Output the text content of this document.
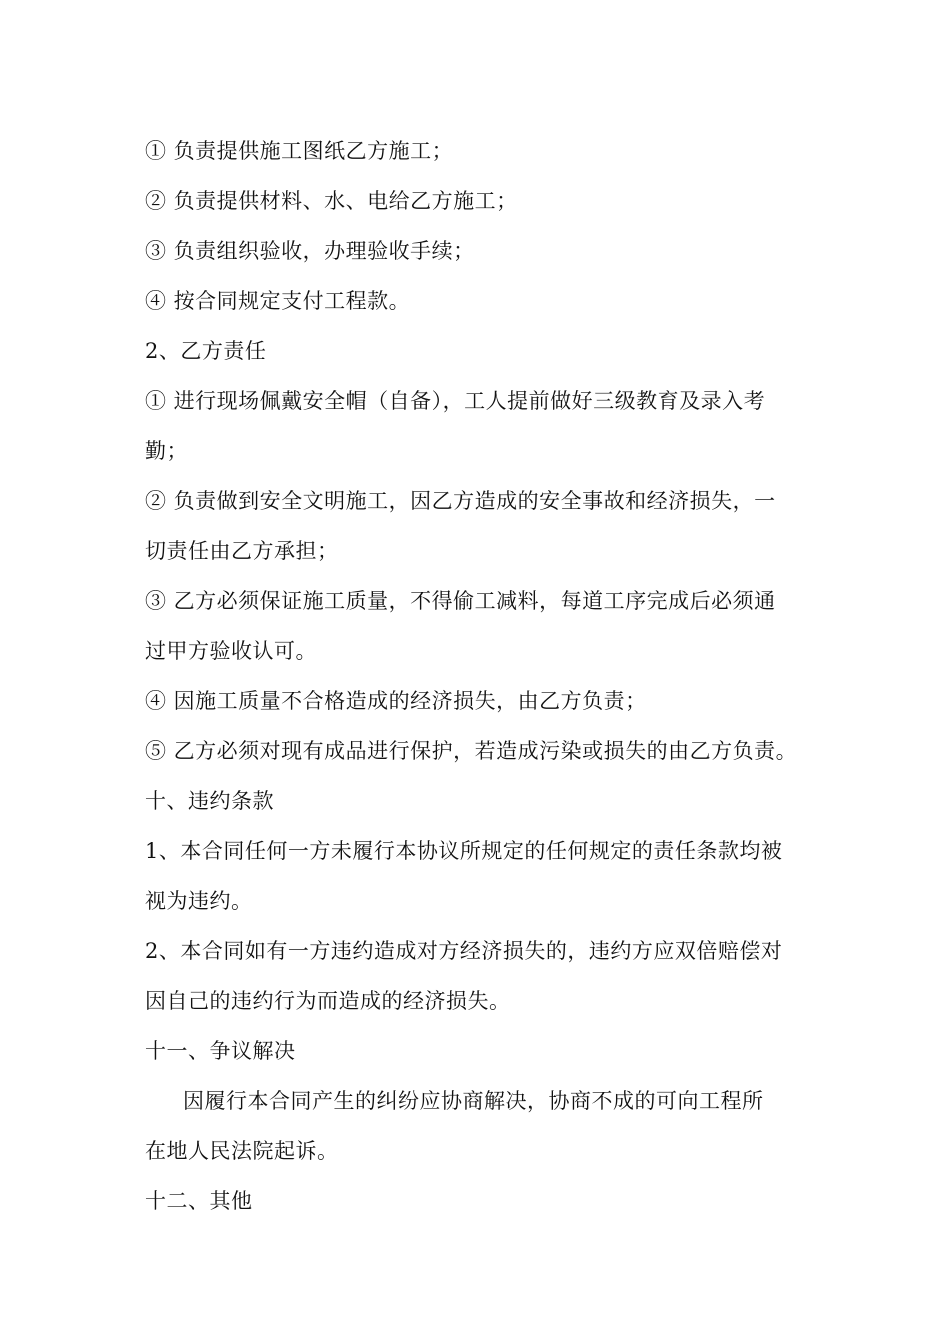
① 负责提供施工图纸乙方施工；
② 负责提供材料、水、电给乙方施工；
③ 负责组织验收，办理验收手续；
④ 按合同规定支付工程款。
2、乙方责任
① 进行现场佩戴安全帽（自备），工人提前做好三级教育及录入考
勤；
② 负责做到安全文明施工，因乙方造成的安全事故和经济损失，一
切责任由乙方承担；
③ 乙方必须保证施工质量，不得偷工减料，每道工序完成后必须通
过甲方验收认可。
④ 因施工质量不合格造成的经济损失，由乙方负责；
⑤ 乙方必须对现有成品进行保护，若造成污染或损失的由乙方负责。
十、违约条款
1、本合同任何一方未履行本协议所规定的任何规定的责任条款均被
视为违约。
2、本合同如有一方违约造成对方经济损失的，违约方应双倍赔偿对
因自己的违约行为而造成的经济损失。
十一、争议解决
因履行本合同产生的纠纷应协商解决，协商不成的可向工程所
在地人民法院起诉。
十二、其他
